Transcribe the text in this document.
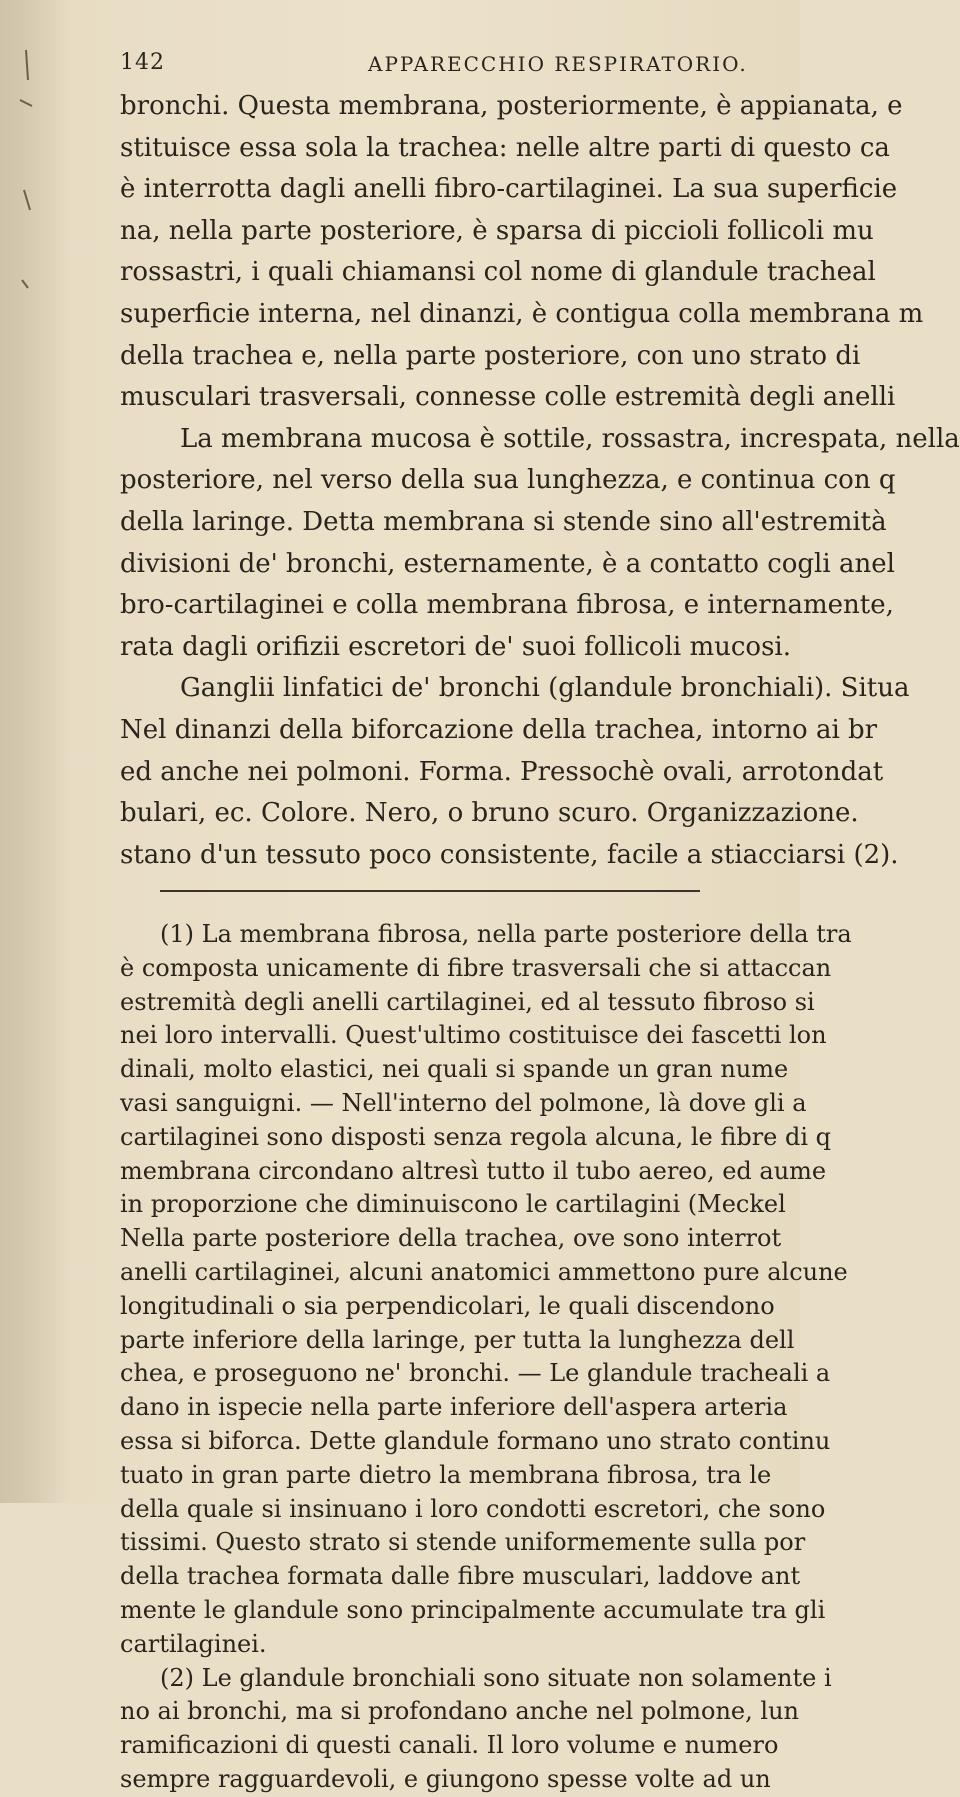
142	APPARECCHIO RESPIRATORIO.
bronchi. Questa membrana, posteriormente, è appianata, e
stituisce essa sola la trachea: nelle altre parti di questo ca
è interrotta dagli anelli fibro-cartilaginei. La sua superficie
na, nella parte posteriore, è sparsa di piccioli follicoli mu
rossastri, i quali chiamansi col nome di glandule tracheal
superficie interna, nel dinanzi, è contigua colla membrana m
della trachea e, nella parte posteriore, con uno strato di
musculari trasversali, connesse colle estremità degli anelli
La membrana mucosa è sottile, rossastra, increspata, nella
posteriore, nel verso della sua lunghezza, e continua con q
della laringe. Detta membrana si stende sino all'estremità
divisioni de' bronchi, esternamente, è a contatto cogli anel
bro-cartilaginei e colla membrana fibrosa, e internamente,
rata dagli orifizii escretori de' suoi follicoli mucosi.
Ganglii linfatici de' bronchi (glandule bronchiali). Situa
Nel dinanzi della biforcazione della trachea, intorno ai br
ed anche nei polmoni. Forma. Pressochè ovali, arrotondat
bulari, ec. Colore. Nero, o bruno scuro. Organizzazione.
stano d'un tessuto poco consistente, facile a stiacciarsi (2).
(1) La membrana fibrosa, nella parte posteriore della tra
è composta unicamente di fibre trasversali che si attaccan
estremità degli anelli cartilaginei, ed al tessuto fibroso si
nei loro intervalli. Quest'ultimo costituisce dei fascetti lon
dinali, molto elastici, nei quali si spande un gran nume
vasi sanguigni. — Nell'interno del polmone, là dove gli a
cartilaginei sono disposti senza regola alcuna, le fibre di q
membrana circondano altresì tutto il tubo aereo, ed aume
in proporzione che diminuiscono le cartilagini (Meckel
Nella parte posteriore della trachea, ove sono interrot
anelli cartilaginei, alcuni anatomici ammettono pure alcune
longitudinali o sia perpendicolari, le quali discendono
parte inferiore della laringe, per tutta la lunghezza dell
chea, e proseguono ne' bronchi. — Le glandule tracheali a
dano in ispecie nella parte inferiore dell'aspera arteria
essa si biforca. Dette glandule formano uno strato continu
tuato in gran parte dietro la membrana fibrosa, tra le
della quale si insinuano i loro condotti escretori, che sono
tissimi. Questo strato si stende uniformemente sulla por
della trachea formata dalle fibre musculari, laddove ant
mente le glandule sono principalmente accumulate tra gli
cartilaginei.
(2) Le glandule bronchiali sono situate non solamente i
no ai bronchi, ma si profondano anche nel polmone, lun
ramificazioni di questi canali. Il loro volume e numero
sempre ragguardevoli, e giungono spesse volte ad un
